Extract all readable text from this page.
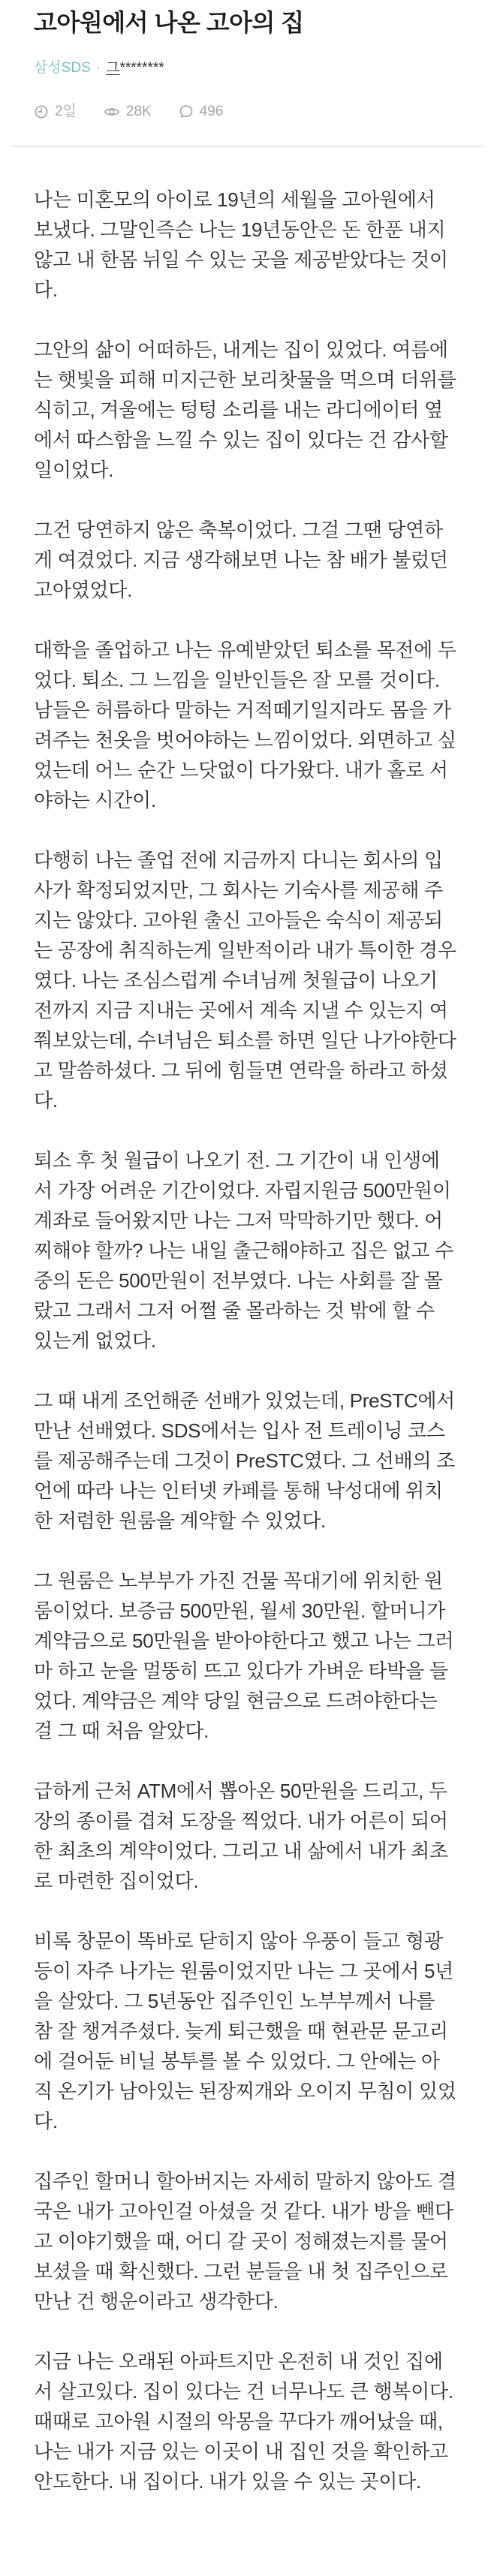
고아원에서 나온 고아의 집
삼성SDS · 그********
2일	28K	496

나는 미혼모의 아이로 19년의 세월을 고아원에서 보냈다. 그말인즉슨 나는 19년동안은 돈 한푼 내지 않고 내 한몸 뉘일 수 있는 곳을 제공받았다는 것이다.

그안의 삶이 어떠하든, 내게는 집이 있었다. 여름에는 햇빛을 피해 미지근한 보리찻물을 먹으며 더위를 식히고, 겨울에는 텅텅 소리를 내는 라디에이터 옆에서 따스함을 느낄 수 있는 집이 있다는 건 감사할 일이었다.

그건 당연하지 않은 축복이었다. 그걸 그땐 당연하게 여겼었다. 지금 생각해보면 나는 참 배가 불렀던 고아였었다.

대학을 졸업하고 나는 유예받았던 퇴소를 목전에 두었다. 퇴소. 그 느낌을 일반인들은 잘 모를 것이다. 남들은 허름하다 말하는 거적떼기일지라도 몸을 가려주는 천옷을 벗어야하는 느낌이었다. 외면하고 싶었는데 어느 순간 느닷없이 다가왔다. 내가 홀로 서야하는 시간이.

다행히 나는 졸업 전에 지금까지 다니는 회사의 입사가 확정되었지만, 그 회사는 기숙사를 제공해 주지는 않았다. 고아원 출신 고아들은 숙식이 제공되는 공장에 취직하는게 일반적이라 내가 특이한 경우였다. 나는 조심스럽게 수녀님께 첫월급이 나오기 전까지 지금 지내는 곳에서 계속 지낼 수 있는지 여쭤보았는데, 수녀님은 퇴소를 하면 일단 나가야한다고 말씀하셨다. 그 뒤에 힘들면 연락을 하라고 하셨다.

퇴소 후 첫 월급이 나오기 전. 그 기간이 내 인생에서 가장 어려운 기간이었다. 자립지원금 500만원이 계좌로 들어왔지만 나는 그저 막막하기만 했다. 어찌해야 할까? 나는 내일 출근해야하고 집은 없고 수중의 돈은 500만원이 전부였다. 나는 사회를 잘 몰랐고 그래서 그저 어쩔 줄 몰라하는 것 밖에 할 수 있는게 없었다.

그 때 내게 조언해준 선배가 있었는데, PreSTC에서 만난 선배였다. SDS에서는 입사 전 트레이닝 코스를 제공해주는데 그것이 PreSTC였다. 그 선배의 조언에 따라 나는 인터넷 카페를 통해 낙성대에 위치한 저렴한 원룸을 계약할 수 있었다.

그 원룸은 노부부가 가진 건물 꼭대기에 위치한 원룸이었다. 보증금 500만원, 월세 30만원. 할머니가 계약금으로 50만원을 받아야한다고 했고 나는 그러마 하고 눈을 멀뚱히 뜨고 있다가 가벼운 타박을 들었다. 계약금은 계약 당일 현금으로 드려야한다는 걸 그 때 처음 알았다.

급하게 근처 ATM에서 뽑아온 50만원을 드리고, 두 장의 종이를 겹쳐 도장을 찍었다. 내가 어른이 되어 한 최초의 계약이었다. 그리고 내 삶에서 내가 최초로 마련한 집이었다.

비록 창문이 똑바로 닫히지 않아 우풍이 들고 형광등이 자주 나가는 원룸이었지만 나는 그 곳에서 5년을 살았다. 그 5년동안 집주인인 노부부께서 나를 참 잘 챙겨주셨다. 늦게 퇴근했을 때 현관문 문고리에 걸어둔 비닐 봉투를 볼 수 있었다. 그 안에는 아직 온기가 남아있는 된장찌개와 오이지 무침이 있었다.

집주인 할머니 할아버지는 자세히 말하지 않아도 결국은 내가 고아인걸 아셨을 것 같다. 내가 방을 뺀다고 이야기했을 때, 어디 갈 곳이 정해졌는지를 물어보셨을 때 확신했다. 그런 분들을 내 첫 집주인으로 만난 건 행운이라고 생각한다.

지금 나는 오래된 아파트지만 온전히 내 것인 집에서 살고있다. 집이 있다는 건 너무나도 큰 행복이다. 때때로 고아원 시절의 악몽을 꾸다가 깨어났을 때, 나는 내가 지금 있는 이곳이 내 집인 것을 확인하고 안도한다. 내 집이다. 내가 있을 수 있는 곳이다.
